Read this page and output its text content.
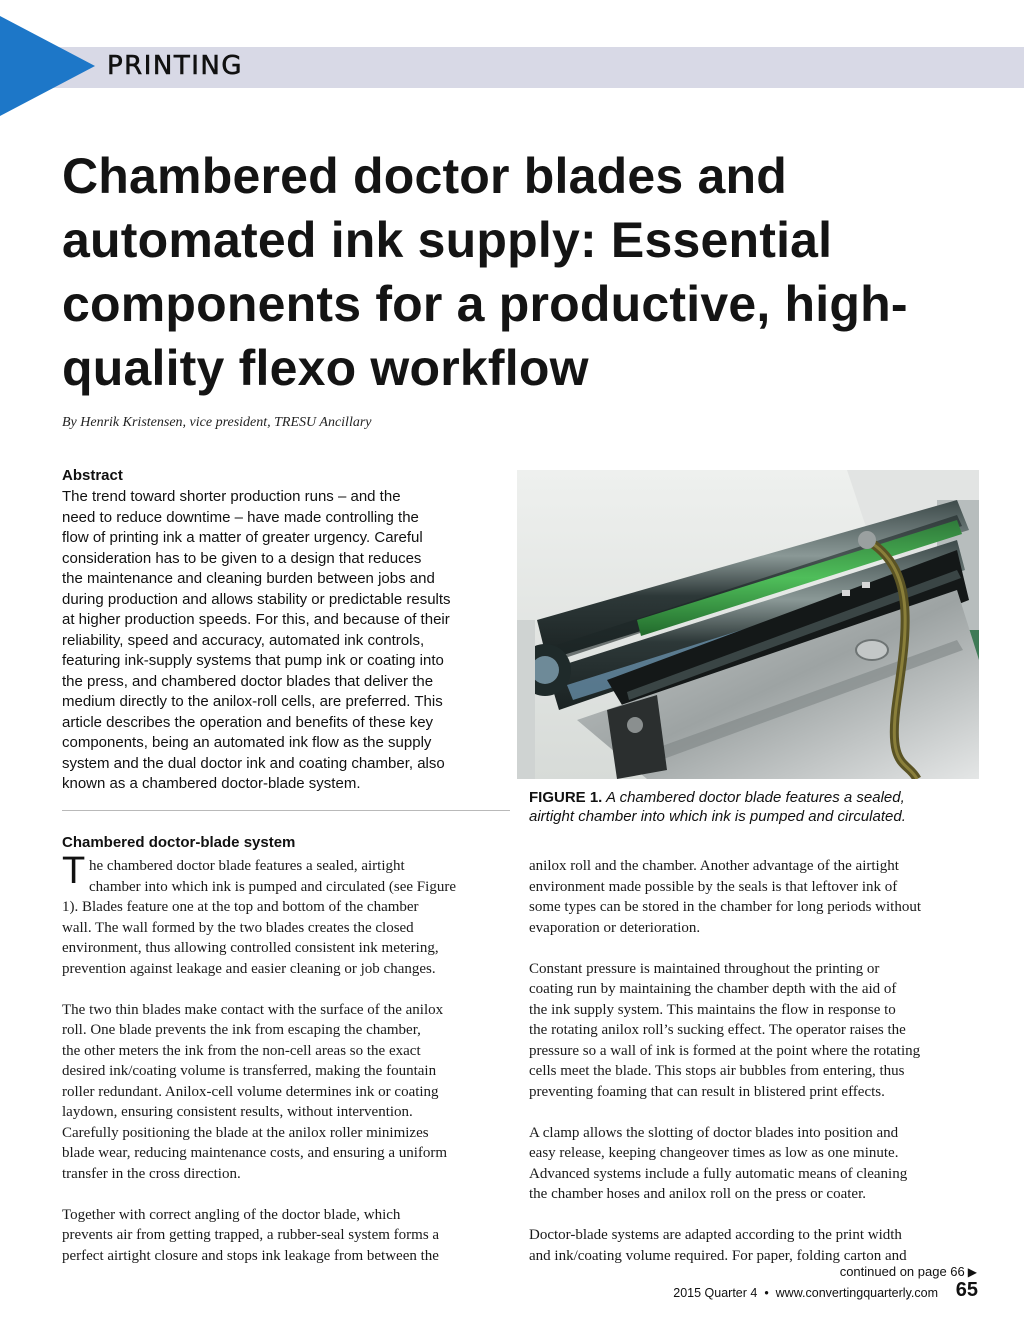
PRINTING
Chambered doctor blades and automated ink supply: Essential components for a productive, high-quality flexo workflow
By Henrik Kristensen, vice president, TRESU Ancillary
Abstract

The trend toward shorter production runs – and the
need to reduce downtime – have made controlling the
flow of printing ink a matter of greater urgency. Careful
consideration has to be given to a design that reduces
the maintenance and cleaning burden between jobs and
during production and allows stability or predictable results
at higher production speeds. For this, and because of their
reliability, speed and accuracy, automated ink controls,
featuring ink-supply systems that pump ink or coating into
the press, and chambered doctor blades that deliver the
medium directly to the anilox-roll cells, are preferred. This
article describes the operation and benefits of these key
components, being an automated ink flow as the supply
system and the dual doctor ink and coating chamber, also
known as a chambered doctor-blade system.

FIGURE 1. A chambered doctor blade features a sealed,
airtight chamber into which ink is pumped and circulated.
Chambered doctor-blade system
T he chambered doctor blade features a sealed, airtight
chamber into which ink is pumped and circulated (see Figure
1). Blades feature one at the top and bottom of the chamber
wall. The wall formed by the two blades creates the closed
environment, thus allowing controlled consistent ink metering,
prevention against leakage and easier cleaning or job changes.
The two thin blades make contact with the surface of the anilox
roll. One blade prevents the ink from escaping the chamber,
the other meters the ink from the non-cell areas so the exact
desired ink/coating volume is transferred, making the fountain
roller redundant. Anilox-cell volume determines ink or coating
laydown, ensuring consistent results, without intervention.
Carefully positioning the blade at the anilox roller minimizes
blade wear, reducing maintenance costs, and ensuring a uniform
transfer in the cross direction.
Together with correct angling of the doctor blade, which
prevents air from getting trapped, a rubber-seal system forms a
perfect airtight closure and stops ink leakage from between the
anilox roll and the chamber. Another advantage of the airtight
environment made possible by the seals is that leftover ink of
some types can be stored in the chamber for long periods without
evaporation or deterioration.
Constant pressure is maintained throughout the printing or
coating run by maintaining the chamber depth with the aid of
the ink supply system. This maintains the flow in response to
the rotating anilox roll’s sucking effect. The operator raises the
pressure so a wall of ink is formed at the point where the rotating
cells meet the blade. This stops air bubbles from entering, thus
preventing foaming that can result in blistered print effects.
A clamp allows the slotting of doctor blades into position and
easy release, keeping changeover times as low as one minute.
Advanced systems include a fully automatic means of cleaning
the chamber hoses and anilox roll on the press or coater.
Doctor-blade systems are adapted according to the print width
and ink/coating volume required. For paper, folding carton and
continued on page 66 ▶
2015 Quarter 4 • www.convertingquarterly.com 65
